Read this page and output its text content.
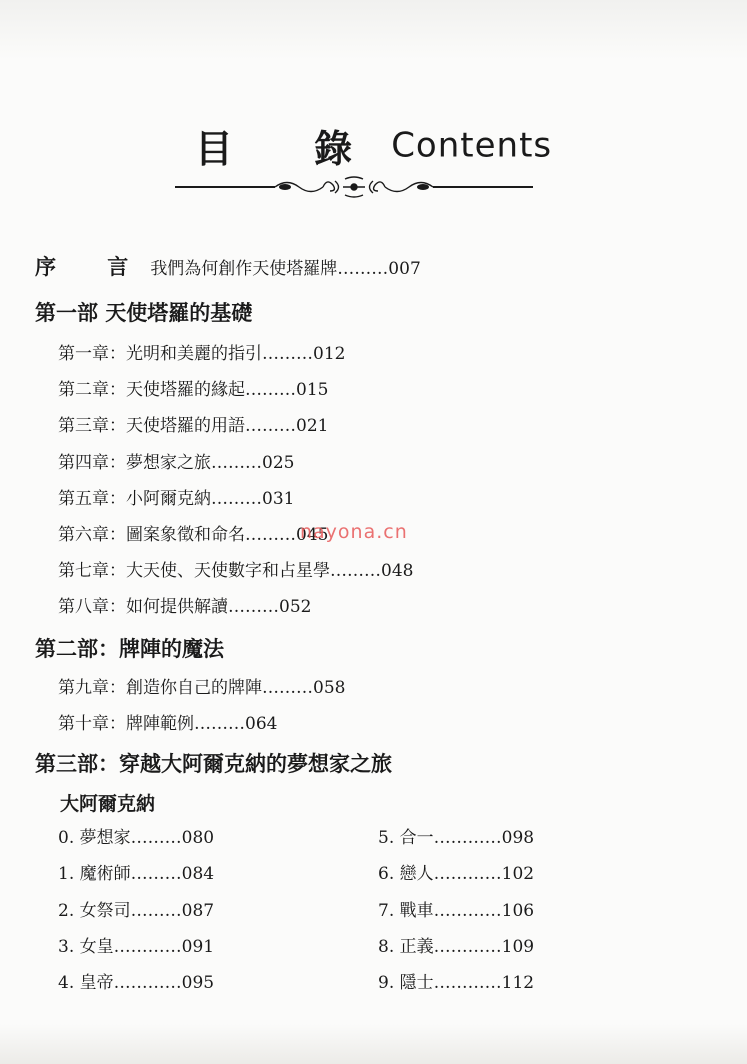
目 錄 Contents
序 言我們為何創作天使塔羅牌………007
第一部 天使塔羅的基礎
第一章：光明和美麗的指引………012
第二章：天使塔羅的緣起………015
第三章：天使塔羅的用語………021
第四章：夢想家之旅………025
第五章：小阿爾克納………031
第六章：圖案象徵和命名………045
第七章：大天使、天使數字和占星學………048
第八章：如何提供解讀………052
nayona.cn
第二部：牌陣的魔法
第九章：創造你自己的牌陣………058
第十章：牌陣範例………064
第三部：穿越大阿爾克納的夢想家之旅
大阿爾克納
0. 夢想家………080
1. 魔術師………084
2. 女祭司………087
3. 女皇…………091
4. 皇帝…………095
5. 合一…………098
6. 戀人…………102
7. 戰車…………106
8. 正義…………109
9. 隱士…………112
